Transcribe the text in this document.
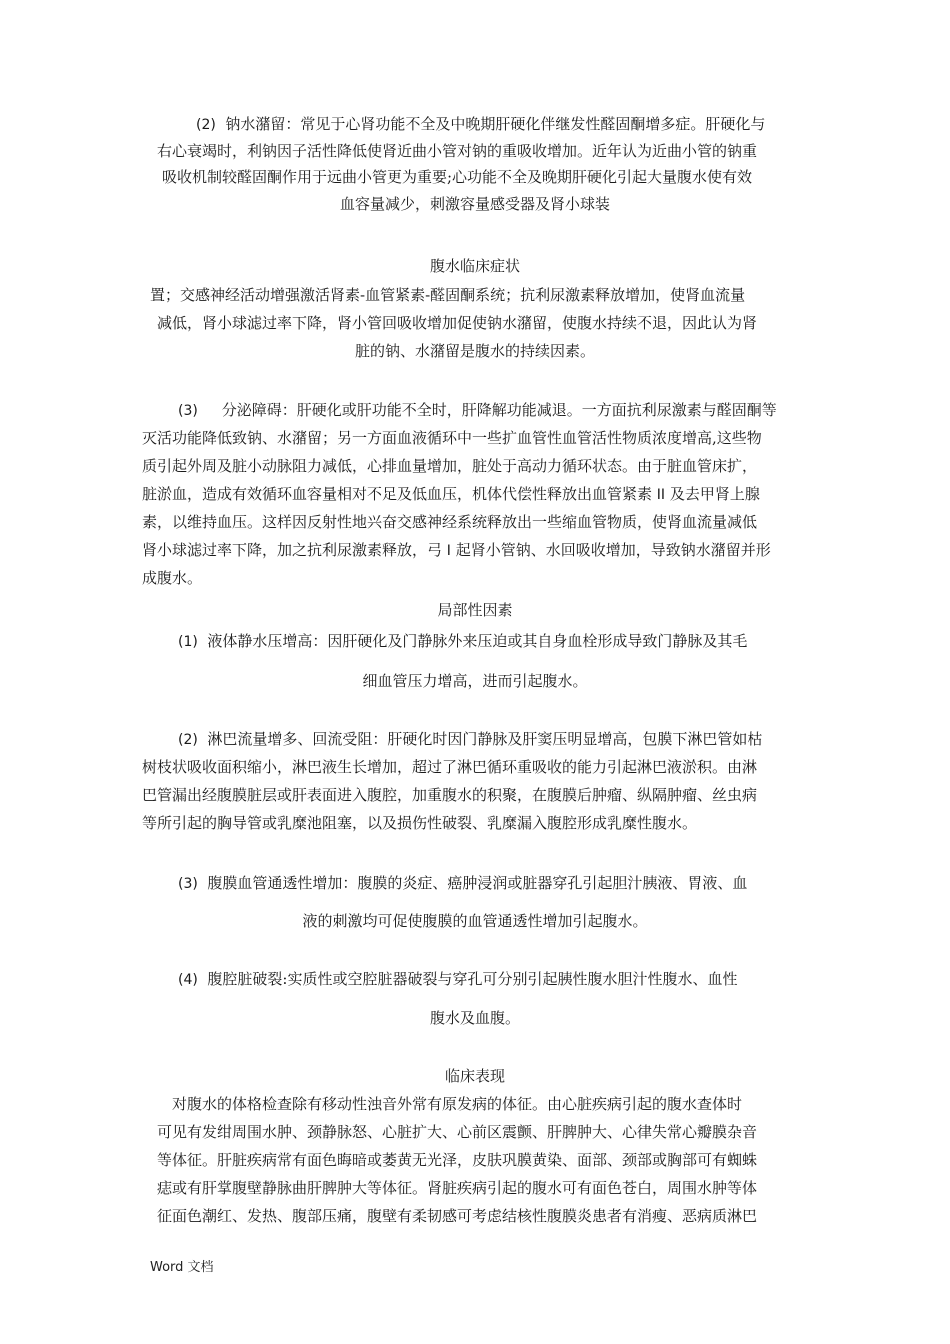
(2) 钠水潴留：常见于心肾功能不全及中晚期肝硬化伴继发性醛固酮增多症。肝硬化与
右心衰竭时，利钠因子活性降低使肾近曲小管对钠的重吸收增加。近年认为近曲小管的钠重
吸收机制较醛固酮作用于远曲小管更为重要;心功能不全及晚期肝硬化引起大量腹水使有效
血容量减少，刺激容量感受器及肾小球装
腹水临床症状
置；交感神经活动增强激活肾素-血管紧素-醛固酮系统；抗利尿激素释放增加，使肾血流量
减低，肾小球滤过率下降，肾小管回吸收增加促使钠水潴留，使腹水持续不退，因此认为肾
脏的钠、水潴留是腹水的持续因素。
(3) 分泌障碍：肝硬化或肝功能不全时，肝降解功能减退。一方面抗利尿激素与醛固酮等
灭活功能降低致钠、水潴留；另一方面血液循环中一些扩血管性血管活性物质浓度增高,这些物
质引起外周及脏小动脉阻力减低，心排血量增加，脏处于高动力循环状态。由于脏血管床扩，
脏淤血，造成有效循环血容量相对不足及低血压，机体代偿性释放出血管紧素 II 及去甲肾上腺
素，以维持血压。这样因反射性地兴奋交感神经系统释放出一些缩血管物质，使肾血流量减低
肾小球滤过率下降，加之抗利尿激素释放，弓 I 起肾小管钠、水回吸收增加，导致钠水潴留并形
成腹水。
局部性因素
(1) 液体静水压增高：因肝硬化及门静脉外来压迫或其自身血栓形成导致门静脉及其毛
细血管压力增高，进而引起腹水。
(2) 淋巴流量增多、回流受阻：肝硬化时因门静脉及肝窦压明显增高，包膜下淋巴管如枯
树枝状吸收面积缩小，淋巴液生长增加，超过了淋巴循环重吸收的能力引起淋巴液淤积。由淋
巴管漏出经腹膜脏层或肝表面进入腹腔，加重腹水的积聚，在腹膜后肿瘤、纵隔肿瘤、丝虫病
等所引起的胸导管或乳糜池阻塞，以及损伤性破裂、乳糜漏入腹腔形成乳糜性腹水。
(3) 腹膜血管通透性增加：腹膜的炎症、癌肿浸润或脏器穿孔引起胆汁胰液、胃液、血
液的刺激均可促使腹膜的血管通透性增加引起腹水。
(4) 腹腔脏破裂:实质性或空腔脏器破裂与穿孔可分别引起胰性腹水胆汁性腹水、血性
腹水及血腹。
临床表现
对腹水的体格检查除有移动性浊音外常有原发病的体征。由心脏疾病引起的腹水查体时
可见有发绀周围水肿、颈静脉怒、心脏扩大、心前区震颤、肝脾肿大、心律失常心瓣膜杂音
等体征。肝脏疾病常有面色晦暗或萎黄无光泽，皮肤巩膜黄染、面部、颈部或胸部可有蜘蛛
痣或有肝掌腹壁静脉曲肝脾肿大等体征。肾脏疾病引起的腹水可有面色苍白，周围水肿等体
征面色潮红、发热、腹部压痛，腹壁有柔韧感可考虑结核性腹膜炎患者有消瘦、恶病质淋巴
Word 文档
